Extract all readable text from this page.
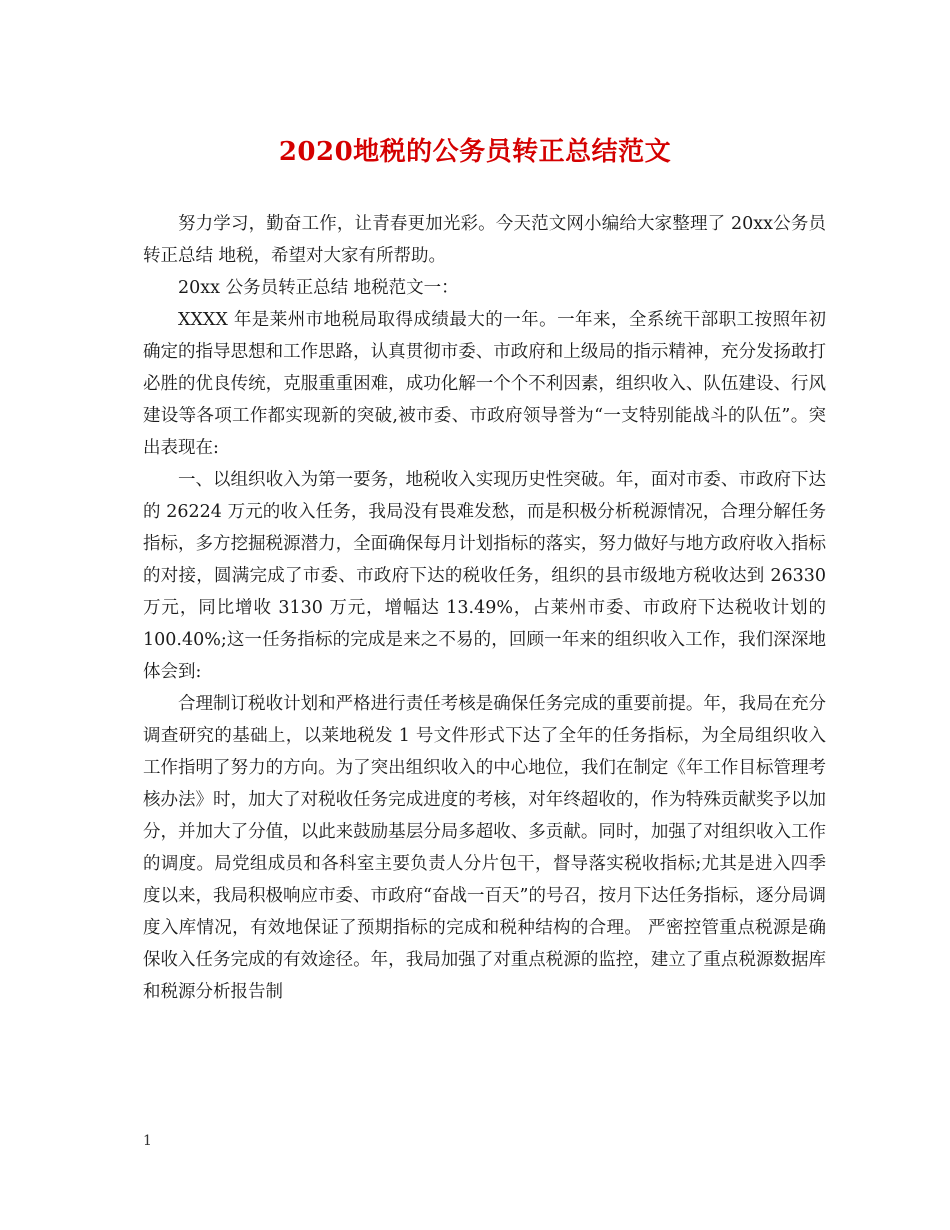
2020地税的公务员转正总结范文

努力学习，勤奋工作，让青春更加光彩。今天范文网小编给大家整理了 20xx公务员转正总结 地税，希望对大家有所帮助。

20xx 公务员转正总结 地税范文一：

XXXX 年是莱州市地税局取得成绩最大的一年。一年来，全系统干部职工按照年初确定的指导思想和工作思路，认真贯彻市委、市政府和上级局的指示精神，充分发扬敢打必胜的优良传统，克服重重困难，成功化解一个个不利因素，组织收入、队伍建设、行风建设等各项工作都实现新的突破,被市委、市政府领导誉为“一支特别能战斗的队伍”。突出表现在:

一、以组织收入为第一要务，地税收入实现历史性突破。年，面对市委、市政府下达的 26224 万元的收入任务，我局没有畏难发愁，而是积极分析税源情况，合理分解任务指标，多方挖掘税源潜力，全面确保每月计划指标的落实，努力做好与地方政府收入指标的对接，圆满完成了市委、市政府下达的税收任务，组织的县市级地方税收达到 26330 万元，同比增收 3130 万元，增幅达 13.49%，占莱州市委、市政府下达税收计划的 100.40%;这一任务指标的完成是来之不易的，回顾一年来的组织收入工作，我们深深地体会到:

合理制订税收计划和严格进行责任考核是确保任务完成的重要前提。年，我局在充分调查研究的基础上，以莱地税发 1 号文件形式下达了全年的任务指标，为全局组织收入工作指明了努力的方向。为了突出组织收入的中心地位，我们在制定《年工作目标管理考核办法》时，加大了对税收任务完成进度的考核，对年终超收的，作为特殊贡献奖予以加分，并加大了分值，以此来鼓励基层分局多超收、多贡献。同时，加强了对组织收入工作的调度。局党组成员和各科室主要负责人分片包干，督导落实税收指标;尤其是进入四季度以来，我局积极响应市委、市政府“奋战一百天”的号召，按月下达任务指标，逐分局调度入库情况，有效地保证了预期指标的完成和税种结构的合理。 严密控管重点税源是确保收入任务完成的有效途径。年，我局加强了对重点税源的监控，建立了重点税源数据库和税源分析报告制

1
